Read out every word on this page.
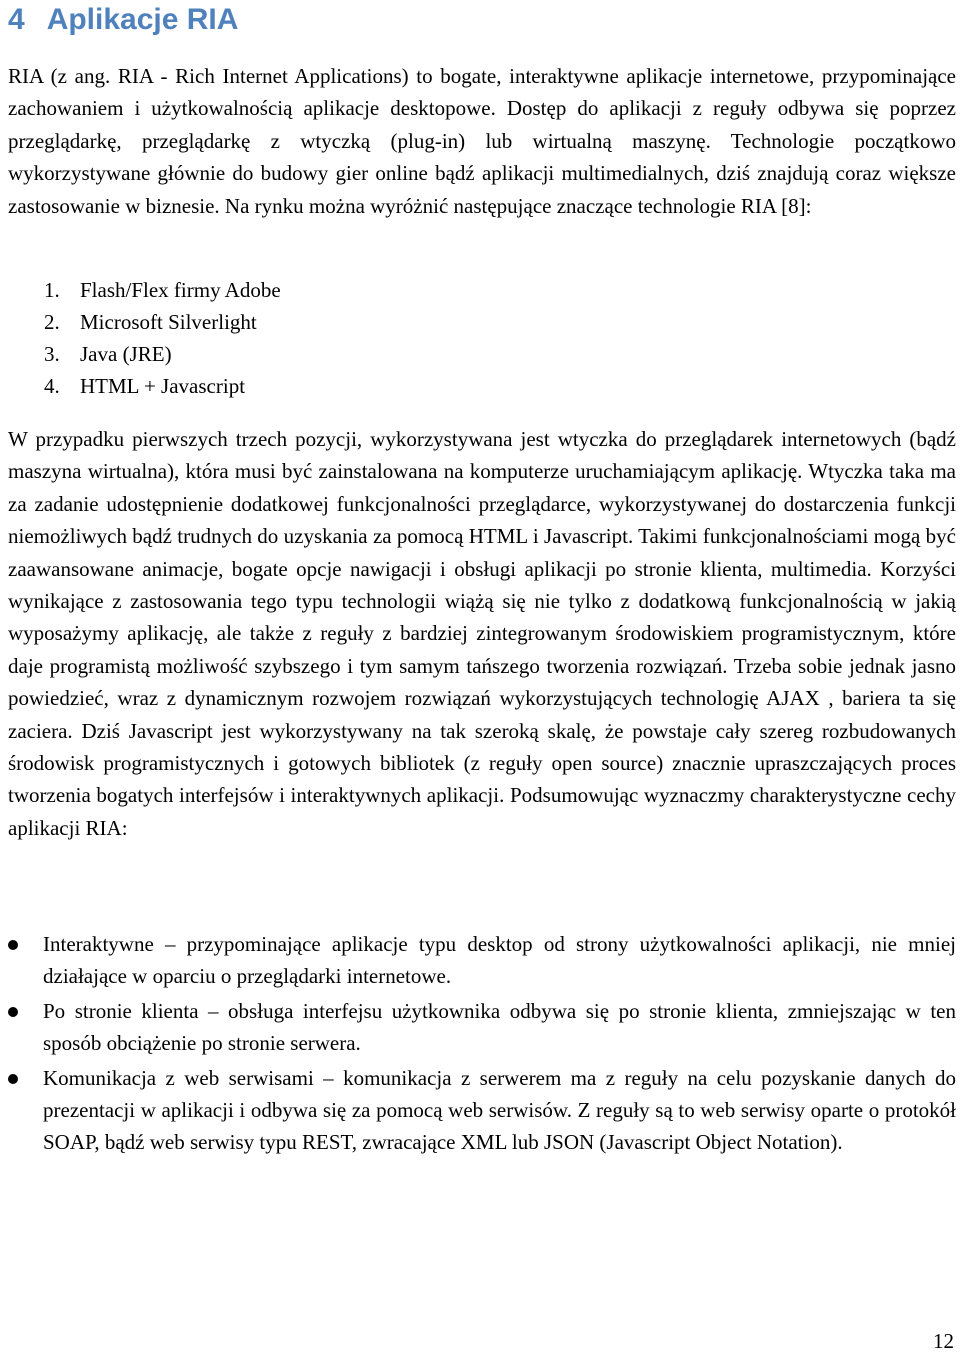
4 Aplikacje RIA

RIA (z ang. RIA - Rich Internet Applications) to bogate, interaktywne aplikacje internetowe, przypominające zachowaniem i użytkowalnością aplikacje desktopowe. Dostęp do aplikacji z reguły odbywa się poprzez przeglądarkę, przeglądarkę z wtyczką (plug-in) lub wirtualną maszynę. Technologie początkowo wykorzystywane głównie do budowy gier online bądź aplikacji multimedialnych, dziś znajdują coraz większe zastosowanie w biznesie. Na rynku można wyróżnić następujące znaczące technologie RIA [8]:

1. Flash/Flex firmy Adobe
2. Microsoft Silverlight
3. Java (JRE)
4. HTML + Javascript

W przypadku pierwszych trzech pozycji, wykorzystywana jest wtyczka do przeglądarek internetowych (bądź maszyna wirtualna), która musi być zainstalowana na komputerze uruchamiającym aplikację. Wtyczka taka ma za zadanie udostępnienie dodatkowej funkcjonalności przeglądarce, wykorzystywanej do dostarczenia funkcji niemożliwych bądź trudnych do uzyskania za pomocą HTML i Javascript. Takimi funkcjonalnościami mogą być zaawansowane animacje, bogate opcje nawigacji i obsługi aplikacji po stronie klienta, multimedia. Korzyści wynikające z zastosowania tego typu technologii wiążą się nie tylko z dodatkową funkcjonalnością w jakią wyposażymy aplikację, ale także z reguły z bardziej zintegrowanym środowiskiem programistycznym, które daje programistą możliwość szybszego i tym samym tańszego tworzenia rozwiązań. Trzeba sobie jednak jasno powiedzieć, wraz z dynamicznym rozwojem rozwiązań wykorzystujących technologię AJAX , bariera ta się zaciera. Dziś Javascript jest wykorzystywany na tak szeroką skalę, że powstaje cały szereg rozbudowanych środowisk programistycznych i gotowych bibliotek (z reguły open source) znacznie upraszczających proces tworzenia bogatych interfejsów i interaktywnych aplikacji. Podsumowując wyznaczmy charakterystyczne cechy aplikacji RIA:

Interaktywne – przypominające aplikacje typu desktop od strony użytkowalności aplikacji, nie mniej działające w oparciu o przeglądarki internetowe.
Po stronie klienta – obsługa interfejsu użytkownika odbywa się po stronie klienta, zmniejszając w ten sposób obciążenie po stronie serwera.
Komunikacja z web serwisami – komunikacja z serwerem ma z reguły na celu pozyskanie danych do prezentacji w aplikacji i odbywa się za pomocą web serwisów. Z reguły są to web serwisy oparte o protokół SOAP, bądź web serwisy typu REST, zwracające XML lub JSON (Javascript Object Notation).
12
